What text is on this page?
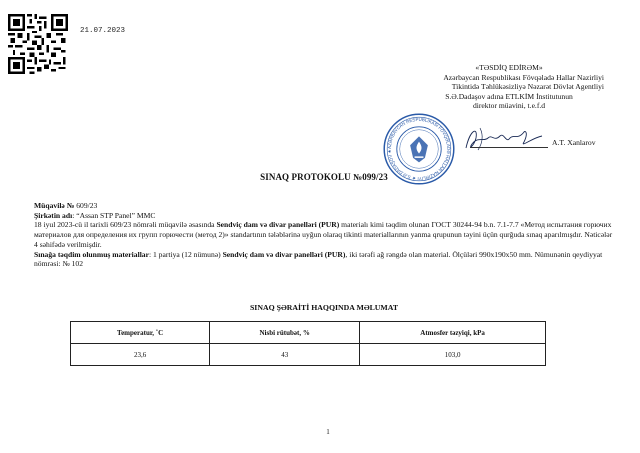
21.07.2023
«TƏSDİQ EDİRƏM»
Azərbaycan Respublikası Fövqəladə Hallar Nazirliyi
Tikintidə Təhlükəsizliyə Nəzarət Dövlət Agentliyi
S.Ə.Dadaşov adına ETLKİM İnstitutunun
direktor müavini, t.e.f.d
AZƏRBAYCAN RESPUBLİKASI FÖVQƏLADƏ HALLAR NAZİRLİYİ ★ S.Ə.DADAŞOV ★
A.T. Xanlarov
SINAQ PROTOKOLU №099/23

Müqavilə № 609/23

Şirkətin adı: “Assan STP Panel” MMC

18 iyul 2023-cü il tarixli 609/23 nömrəli müqavilə əsasında Sendviç dam və divar panelləri (PUR) materialı kimi təqdim olunan ГОСТ 30244-94 b.n. 7.1-7.7 «Метод испытания горючих материалов для определения их групп горючести (метод 2)» standartının tələblərinə uyğun olaraq tikinti materiallarının yanma qrupunun təyini üçün qurğuda sınaq aparılmışdır. Nəticələr 4 səhifədə verilmişdir.

Sınağa təqdim olunmuş materiallar: 1 partiya (12 nümunə) Sendviç dam və divar panelləri (PUR), iki tərəfi ağ rəngdə olan material. Ölçüləri 990x190x50 mm. Nümunənin qeydiyyat nömrəsi: № 102

SINAQ ŞƏRAİTİ HAQQINDA MƏLUMAT
Temperatur, ˚C	Nisbi rütubət, %	Atmosfer təzyiqi, kPa
23,6	43	103,0
1
